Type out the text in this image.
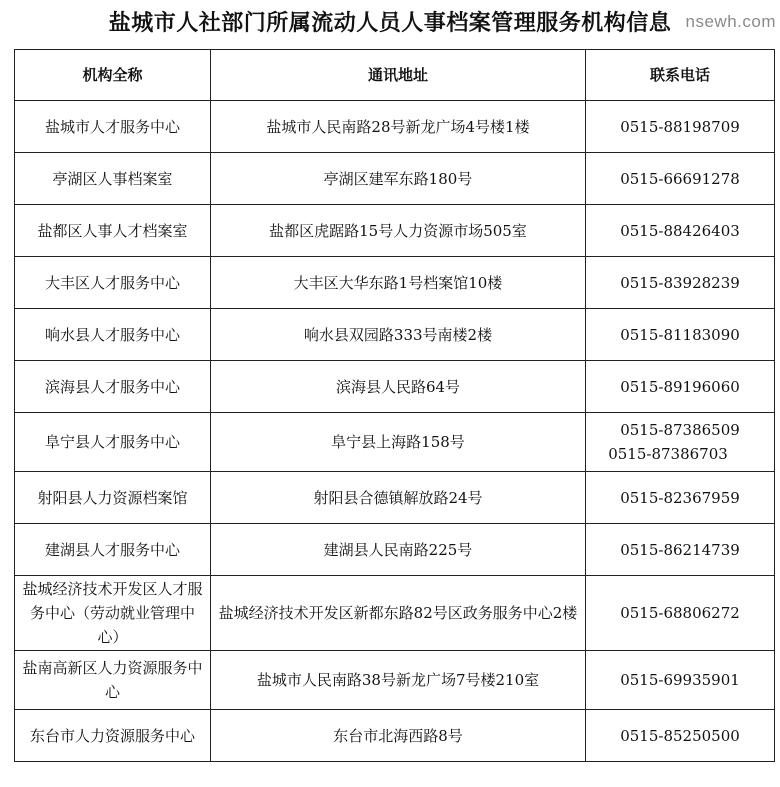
盐城市人社部门所属流动人员人事档案管理服务机构信息 nsewh.com
机构全称	通讯地址	联系电话
盐城市人才服务中心	盐城市人民南路28号新龙广场4号楼1楼	0515-88198709
亭湖区人事档案室	亭湖区建军东路180号	0515-66691278
盐都区人事人才档案室	盐都区虎踞路15号人力资源市场505室	0515-88426403
大丰区人才服务中心	大丰区大华东路1号档案馆10楼	0515-83928239
响水县人才服务中心	响水县双园路333号南楼2楼	0515-81183090
滨海县人才服务中心	滨海县人民路64号	0515-89196060
阜宁县人才服务中心	阜宁县上海路158号	0515-87386509
0515-87386703

射阳县人力资源档案馆	射阳县合德镇解放路24号	0515-82367959
建湖县人才服务中心	建湖县人民南路225号	0515-86214739
盐城经济技术开发区人才服务中心（劳动就业管理中心）	盐城经济技术开发区新都东路82号区政务服务中心2楼	0515-68806272
盐南高新区人力资源服务中心	盐城市人民南路38号新龙广场7号楼210室	0515-69935901
东台市人力资源服务中心	东台市北海西路8号	0515-85250500
